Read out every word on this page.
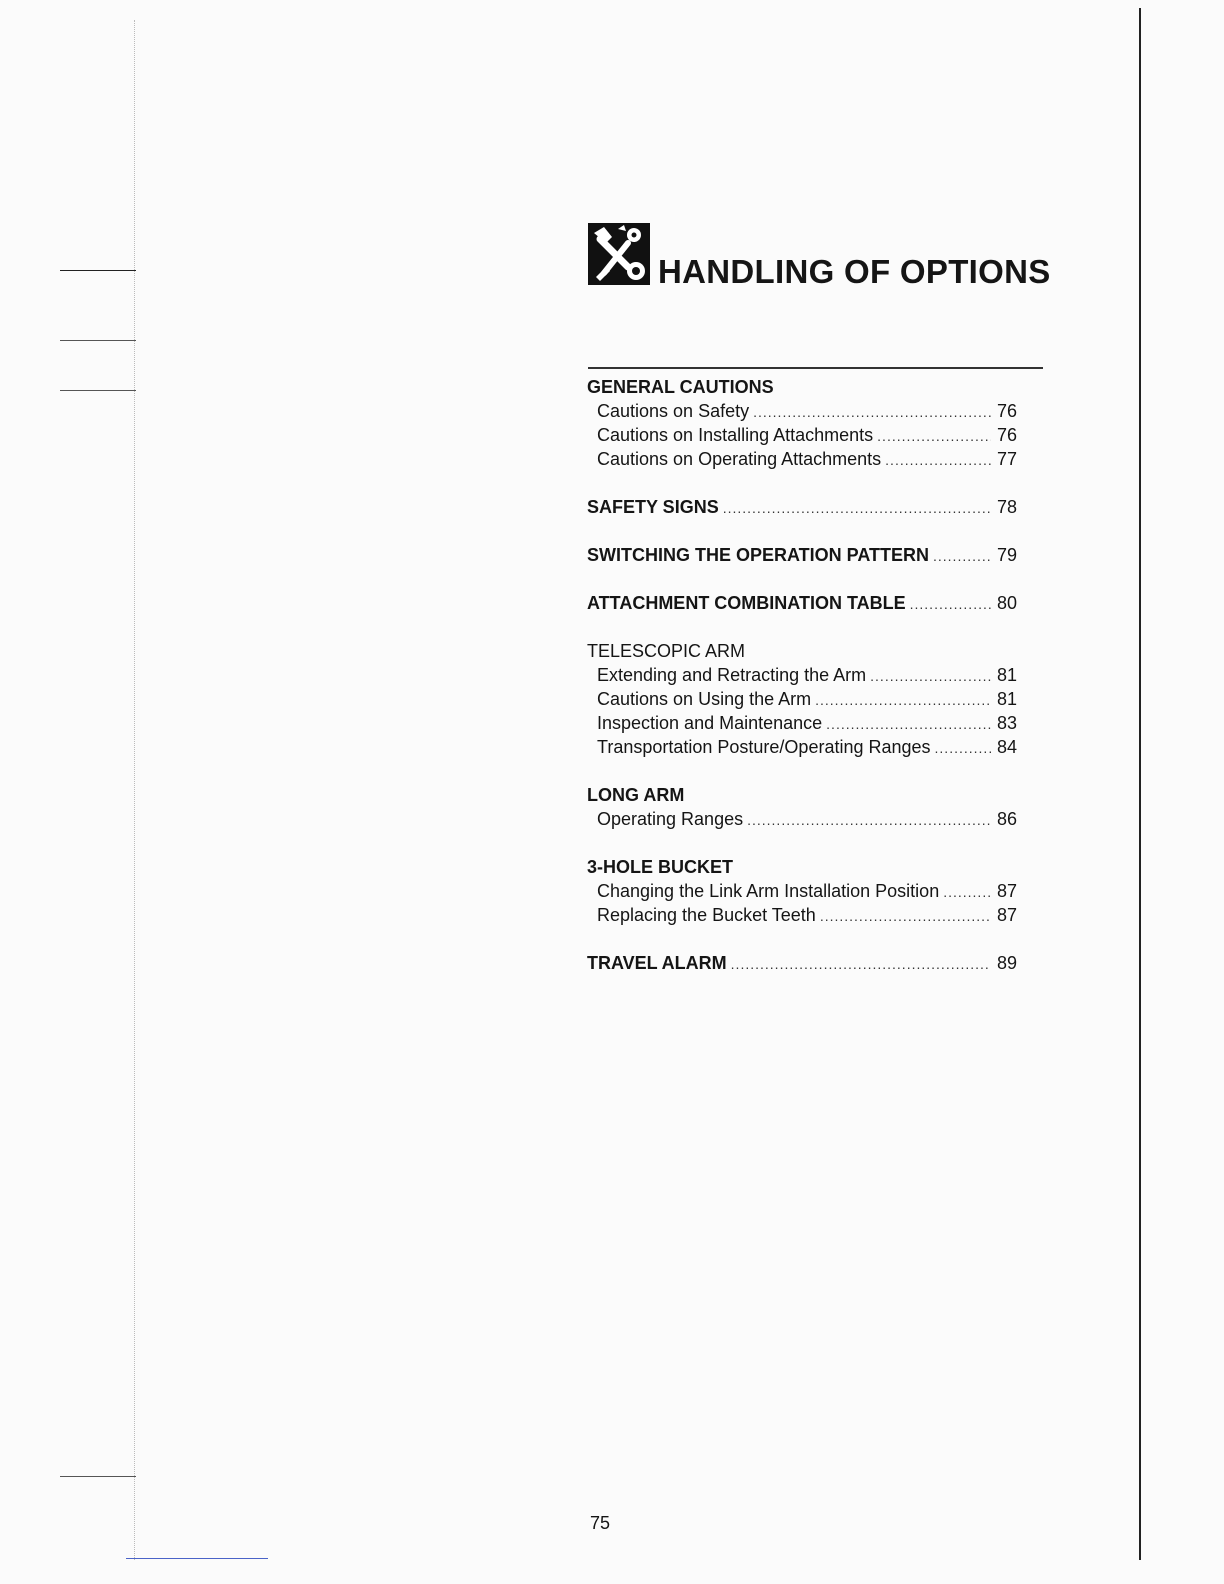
HANDLING OF OPTIONS
GENERAL CAUTIONS
Cautions on Safety .....	76
Cautions on Installing Attachments .....	76
Cautions on Operating Attachments .....	77
SAFETY SIGNS .....	78
SWITCHING THE OPERATION PATTERN .....	79
ATTACHMENT COMBINATION TABLE .....	80
TELESCOPIC ARM
Extending and Retracting the Arm .....	81
Cautions on Using the Arm .....	81
Inspection and Maintenance .....	83
Transportation Posture/Operating Ranges .....	84
LONG ARM
Operating Ranges .....	86
3-HOLE BUCKET
Changing the Link Arm Installation Position .....	87
Replacing the Bucket Teeth .....	87
TRAVEL ALARM .....	89
75
